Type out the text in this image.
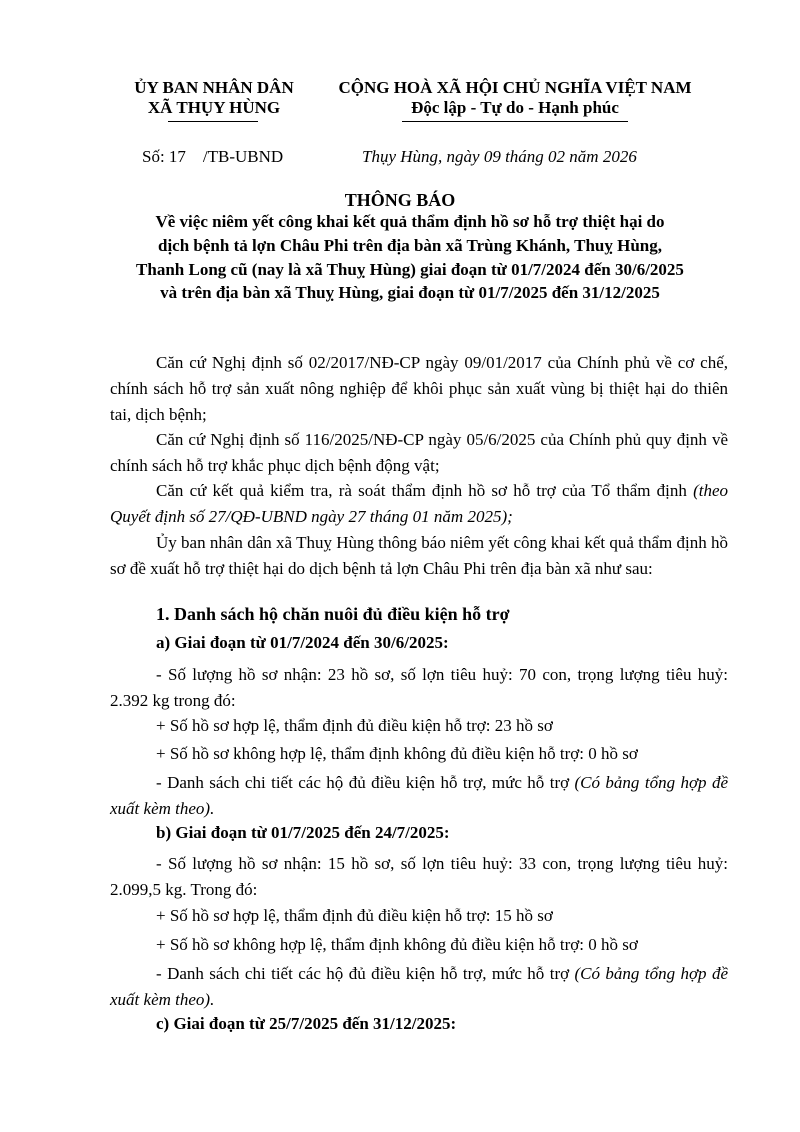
ỦY BAN NHÂN DÂN
XÃ THỤY HÙNG
CỘNG HOÀ XÃ HỘI CHỦ NGHĨA VIỆT NAM
Độc lập - Tự do - Hạnh phúc
Số: 17    /TB-UBND	Thụy Hùng, ngày 09 tháng 02 năm 2026
THÔNG BÁO
Về việc niêm yết công khai kết quả thẩm định hồ sơ hỗ trợ thiệt hại do
dịch bệnh tả lợn Châu Phi trên địa bàn xã Trùng Khánh, Thuỵ Hùng,
Thanh Long cũ (nay là xã Thuỵ Hùng) giai đoạn từ 01/7/2024 đến 30/6/2025
và trên địa bàn xã Thuỵ Hùng, giai đoạn từ 01/7/2025 đến 31/12/2025
Căn cứ Nghị định số 02/2017/NĐ-CP ngày 09/01/2017 của Chính phủ về cơ chế, chính sách hỗ trợ sản xuất nông nghiệp để khôi phục sản xuất vùng bị thiệt hại do thiên tai, dịch bệnh;
Căn cứ Nghị định số 116/2025/NĐ-CP ngày 05/6/2025 của Chính phủ quy định về chính sách hỗ trợ khắc phục dịch bệnh động vật;
Căn cứ kết quả kiểm tra, rà soát thẩm định hồ sơ hỗ trợ của Tổ thẩm định (theo Quyết định số 27/QĐ-UBND ngày 27 tháng 01 năm 2025);
Ủy ban nhân dân xã Thuỵ Hùng thông báo niêm yết công khai kết quả thẩm định hồ sơ đề xuất hỗ trợ thiệt hại do dịch bệnh tả lợn Châu Phi trên địa bàn xã như sau:
1. Danh sách hộ chăn nuôi đủ điều kiện hỗ trợ
a) Giai đoạn từ 01/7/2024 đến 30/6/2025:
- Số lượng hồ sơ nhận: 23 hồ sơ, số lợn tiêu huỷ: 70 con, trọng lượng tiêu huỷ: 2.392 kg trong đó:
+ Số hồ sơ hợp lệ, thẩm định đủ điều kiện hỗ trợ: 23 hồ sơ
+ Số hồ sơ không hợp lệ, thẩm định không đủ điều kiện hỗ trợ: 0 hồ sơ
- Danh sách chi tiết các hộ đủ điều kiện hỗ trợ, mức hỗ trợ (Có bảng tổng hợp đề xuất kèm theo).
b) Giai đoạn từ 01/7/2025 đến 24/7/2025:
- Số lượng hồ sơ nhận: 15 hồ sơ, số lợn tiêu huỷ: 33 con, trọng lượng tiêu huỷ: 2.099,5 kg. Trong đó:
+ Số hồ sơ hợp lệ, thẩm định đủ điều kiện hỗ trợ: 15 hồ sơ
+ Số hồ sơ không hợp lệ, thẩm định không đủ điều kiện hỗ trợ: 0 hồ sơ
- Danh sách chi tiết các hộ đủ điều kiện hỗ trợ, mức hỗ trợ (Có bảng tổng hợp đề xuất kèm theo).
c) Giai đoạn từ 25/7/2025 đến 31/12/2025:
